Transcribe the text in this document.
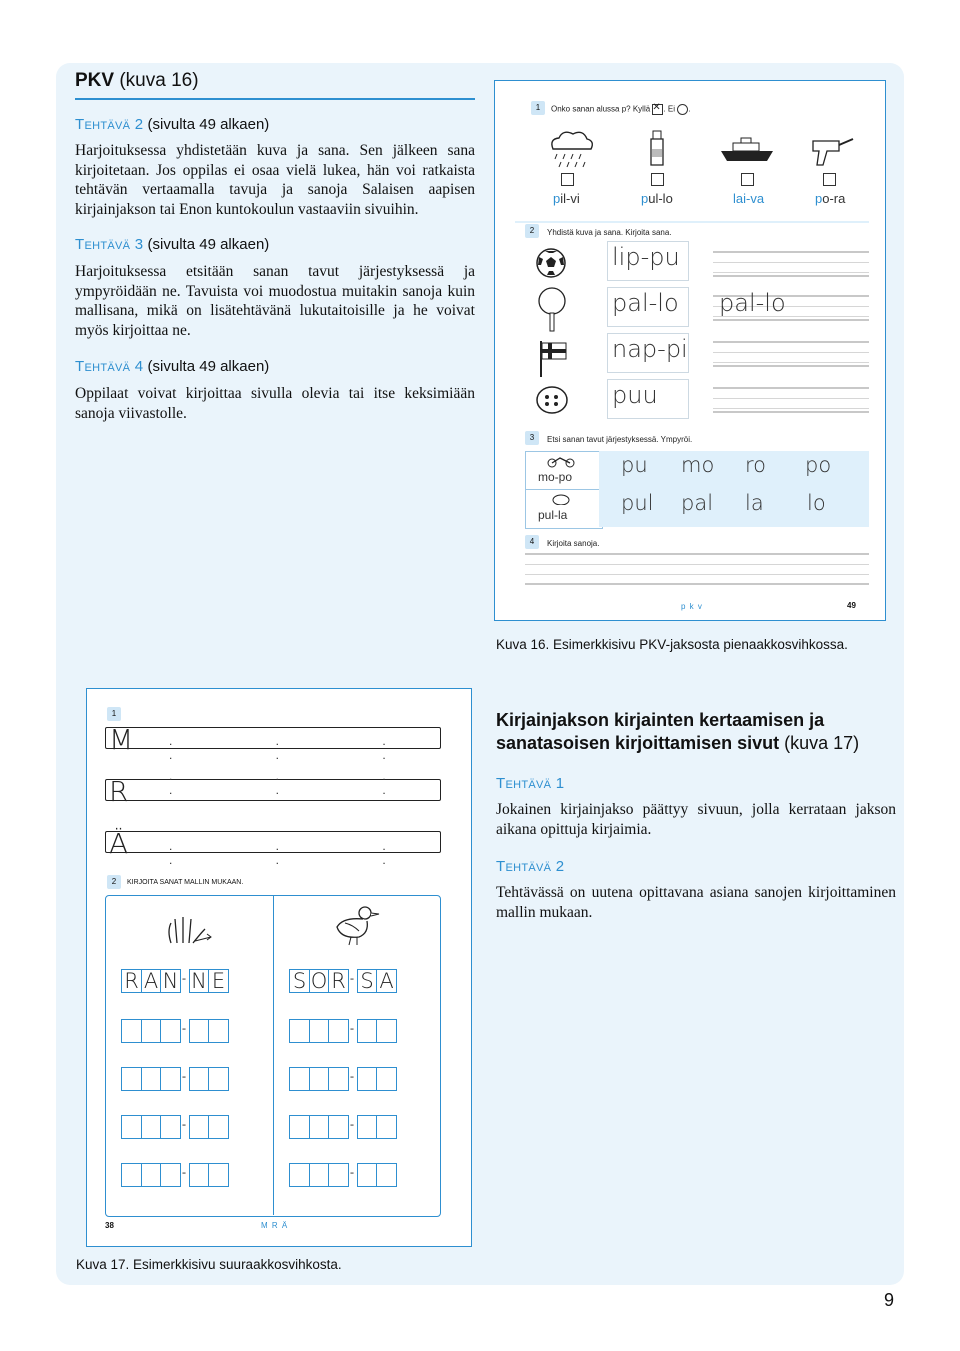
PKV (kuva 16)
Tehtävä 2 (sivulta 49 alkaen)
Harjoituksessa yhdistetään kuva ja sana. Sen jälkeen sana kirjoitetaan. Jos oppilas ei osaa vielä lukea, hän voi ratkaista tehtävän vertaamalla tavuja ja sanoja Salaisen aapisen kirjainjakson tai Enon kuntokoulun vastaaviin sivuihin.
Tehtävä 3 (sivulta 49 alkaen)
Harjoituksessa etsitään sanan tavut järjestyksessä ja ympyröidään ne. Tavuista voi muodostua muitakin sanoja kuin mallisana, mikä on lisätehtävänä lukutaitoisille ja he voivat myös kirjoittaa ne.
Tehtävä 4 (sivulta 49 alkaen)
Oppilaat voivat kirjoittaa sivulla olevia tai itse keksimiään sanoja viivastolle.
1	Onko sanan alussa p? Kyllä ✕ . Ei .
pil-vi	pul-lo	lai-va	po-ra
2	Yhdistä kuva ja sana. Kirjoita sana.
lip-pu
pal-lo pal-lo
nap-pi
puu
3	Etsi sanan tavut järjestyksessä. Ympyröi.
mo-po pu mo ro po
pul-la	pul pal la lo
4	Kirjoita sanoja.
p k v	49
Kuva 16. Esimerkkisivu PKV-jaksosta pienaakkosvihkossa.
1
M	. . . . . .
R	. . . . . .
Ä	. . . . . .
2	KIRJOITA SANAT MALLIN MUKAAN.
R A N - N E	S O R - S A
-	-
-	-
-	-
-	-
38	M R Ä
Kuva 17. Esimerkkisivu suuraakkosvihkosta.
Kirjainjakson kirjainten kertaamisen ja sanatasoisen kirjoittamisen sivut (kuva 17)
Tehtävä 1
Jokainen kirjainjakso päättyy sivuun, jolla kerrataan jakson aikana opittuja kirjaimia.
Tehtävä 2
Tehtävässä on uutena opittavana asiana sanojen kirjoittaminen mallin mukaan.
9
